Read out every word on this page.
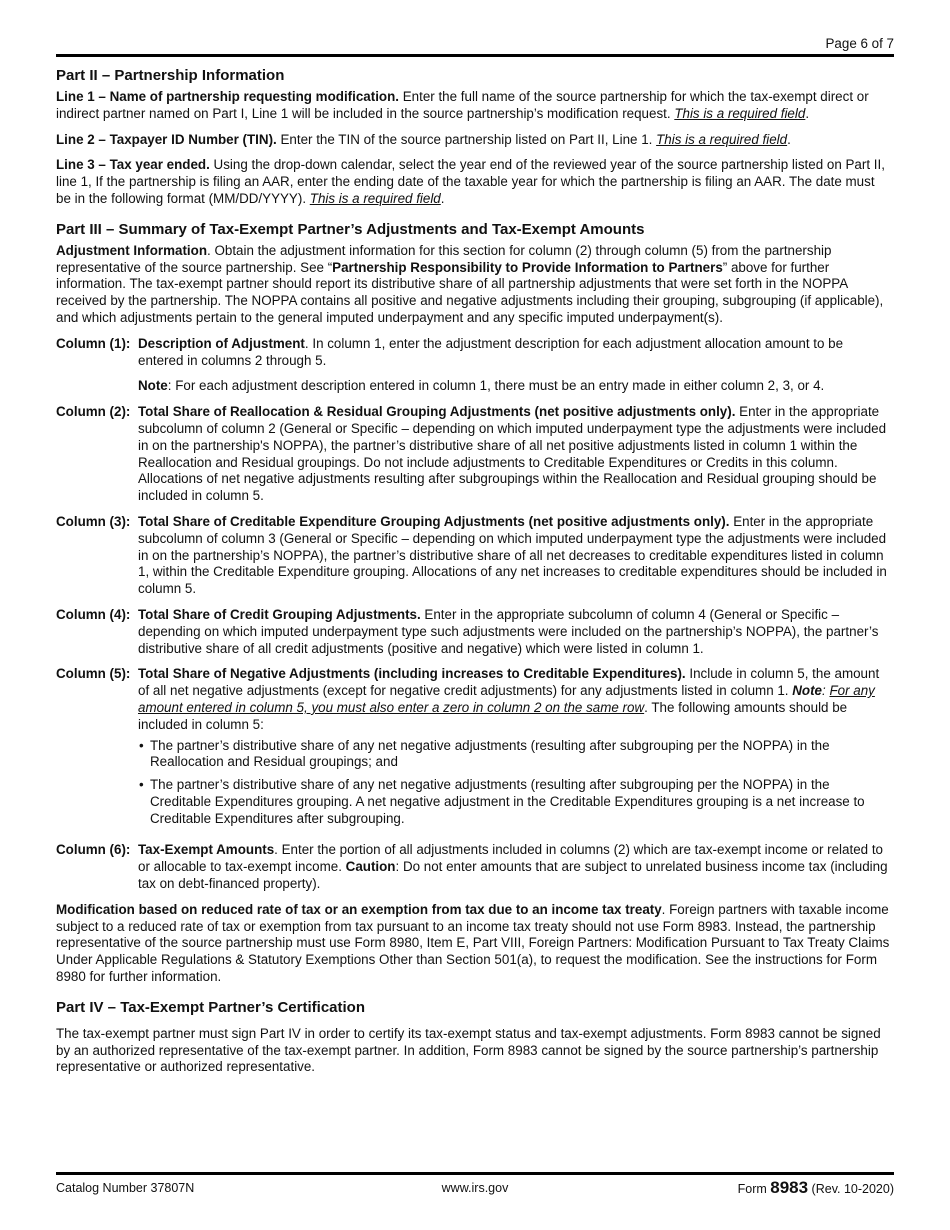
Page 6 of 7
Part II – Partnership Information

Line 1 – Name of partnership requesting modification. Enter the full name of the source partnership for which the tax-exempt direct or indirect partner named on Part I, Line 1 will be included in the source partnership’s modification request. This is a required field.

Line 2 – Taxpayer ID Number (TIN). Enter the TIN of the source partnership listed on Part II, Line 1. This is a required field.

Line 3 – Tax year ended. Using the drop-down calendar, select the year end of the reviewed year of the source partnership listed on Part II, line 1, If the partnership is filing an AAR, enter the ending date of the taxable year for which the partnership is filing an AAR. The date must be in the following format (MM/DD/YYYY). This is a required field.

Part III – Summary of Tax-Exempt Partner’s Adjustments and Tax-Exempt Amounts

Adjustment Information. Obtain the adjustment information for this section for column (2) through column (5) from the partnership representative of the source partnership. See “Partnership Responsibility to Provide Information to Partners” above for further information. The tax-exempt partner should report its distributive share of all partnership adjustments that were set forth in the NOPPA received by the partnership. The NOPPA contains all positive and negative adjustments including their grouping, subgrouping (if applicable), and which adjustments pertain to the general imputed underpayment and any specific imputed underpayment(s).

Column (1): Description of Adjustment. In column 1, enter the adjustment description for each adjustment allocation amount to be entered in columns 2 through 5.

Note: For each adjustment description entered in column 1, there must be an entry made in either column 2, 3, or 4.

Column (2): Total Share of Reallocation & Residual Grouping Adjustments (net positive adjustments only). Enter in the appropriate subcolumn of column 2 (General or Specific – depending on which imputed underpayment type the adjustments were included in on the partnership's NOPPA), the partner’s distributive share of all net positive adjustments listed in column 1 within the Reallocation and Residual groupings. Do not include adjustments to Creditable Expenditures or Credits in this column. Allocations of net negative adjustments resulting after subgroupings within the Reallocation and Residual grouping should be included in column 5.
Column (3): Total Share of Creditable Expenditure Grouping Adjustments (net positive adjustments only). Enter in the appropriate subcolumn of column 3 (General or Specific – depending on which imputed underpayment type the adjustments were included in on the partnership’s NOPPA), the partner’s distributive share of all net decreases to creditable expenditures listed in column 1, within the Creditable Expenditure grouping. Allocations of any net increases to creditable expenditures should be included in column 5.
Column (4): Total Share of Credit Grouping Adjustments. Enter in the appropriate subcolumn of column 4 (General or Specific – depending on which imputed underpayment type such adjustments were included on the partnership’s NOPPA), the partner’s distributive share of all credit adjustments (positive and negative) which were listed in column 1.
Column (5): Total Share of Negative Adjustments (including increases to Creditable Expenditures). Include in column 5, the amount of all net negative adjustments (except for negative credit adjustments) for any adjustments listed in column 1. Note: For any amount entered in column 5, you must also enter a zero in column 2 on the same row. The following amounts should be included in column 5:
• The partner’s distributive share of any net negative adjustments (resulting after subgrouping per the NOPPA) in the Reallocation and Residual groupings; and
• The partner’s distributive share of any net negative adjustments (resulting after subgrouping per the NOPPA) in the Creditable Expenditures grouping. A net negative adjustment in the Creditable Expenditures grouping is a net increase to Creditable Expenditures after subgrouping.
Column (6): Tax-Exempt Amounts. Enter the portion of all adjustments included in columns (2) which are tax-exempt income or related to or allocable to tax-exempt income. Caution: Do not enter amounts that are subject to unrelated business income tax (including tax on debt-financed property).

Modification based on reduced rate of tax or an exemption from tax due to an income tax treaty. Foreign partners with taxable income subject to a reduced rate of tax or exemption from tax pursuant to an income tax treaty should not use Form 8983. Instead, the partnership representative of the source partnership must use Form 8980, Item E, Part VIII, Foreign Partners: Modification Pursuant to Tax Treaty Claims Under Applicable Regulations & Statutory Exemptions Other than Section 501(a), to request the modification. See the instructions for Form 8980 for further information.

Part IV – Tax-Exempt Partner’s Certification

The tax-exempt partner must sign Part IV in order to certify its tax-exempt status and tax-exempt adjustments. Form 8983 cannot be signed by an authorized representative of the tax-exempt partner. In addition, Form 8983 cannot be signed by the source partnership’s partnership representative or authorized representative.

Catalog Number 37807N	www.irs.gov	Form 8983 (Rev. 10-2020)
